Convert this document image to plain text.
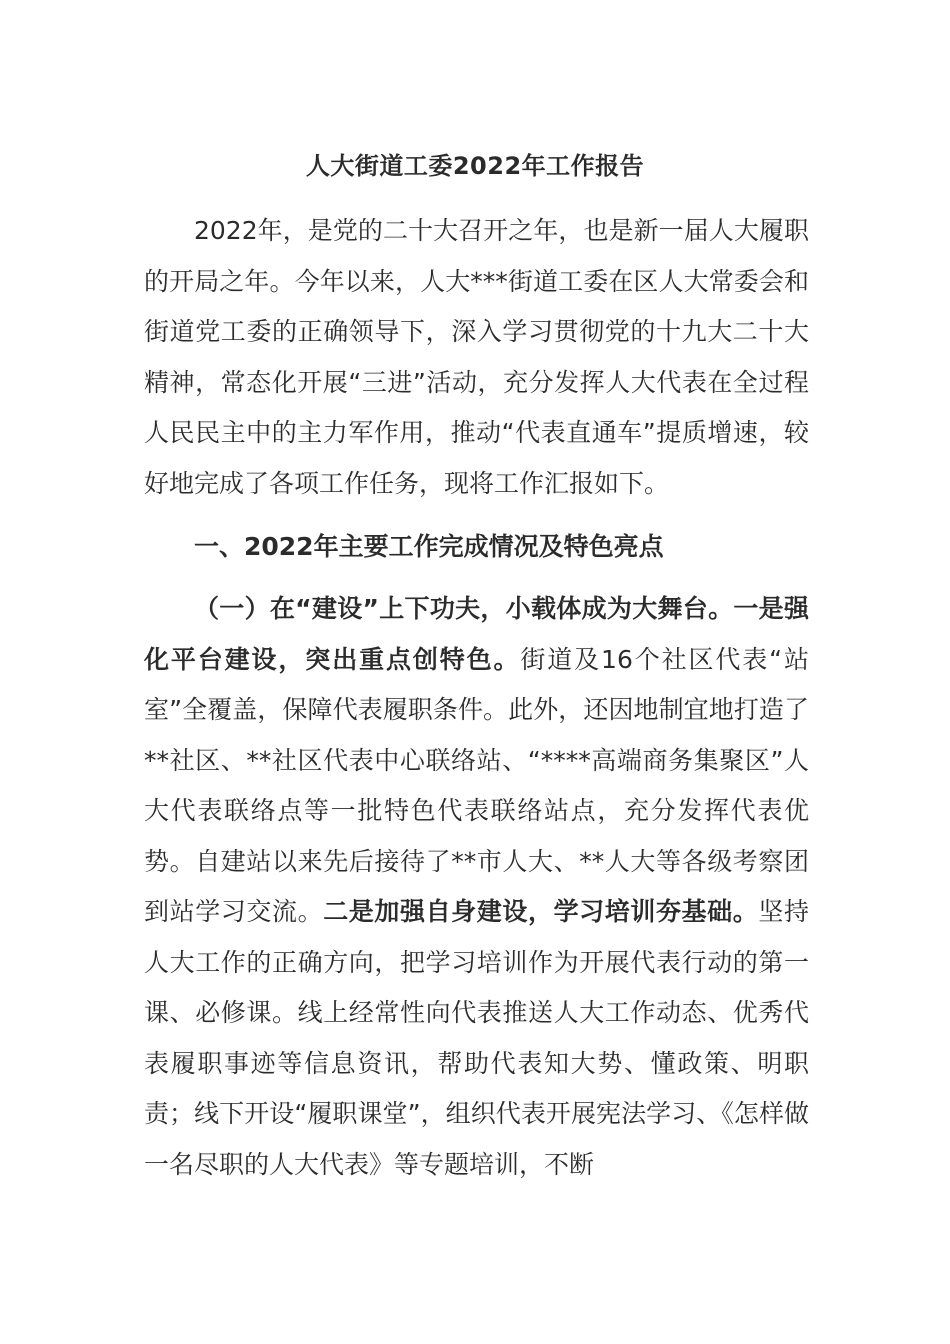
人大街道工委2022年工作报告

2022年，是党的二十大召开之年，也是新一届人大履职的开局之年。今年以来，人大***街道工委在区人大常委会和街道党工委的正确领导下，深入学习贯彻党的十九大二十大精神，常态化开展“三进”活动，充分发挥人大代表在全过程人民民主中的主力军作用，推动“代表直通车”提质增速，较好地完成了各项工作任务，现将工作汇报如下。

一、2022年主要工作完成情况及特色亮点

（一）在“建设”上下功夫，小载体成为大舞台。一是强化平台建设，突出重点创特色。街道及16个社区代表“站室”全覆盖，保障代表履职条件。此外，还因地制宜地打造了**社区、**社区代表中心联络站、“****高端商务集聚区”人大代表联络点等一批特色代表联络站点，充分发挥代表优势。自建站以来先后接待了**市人大、**人大等各级考察团到站学习交流。二是加强自身建设，学习培训夯基础。坚持人大工作的正确方向，把学习培训作为开展代表行动的第一课、必修课。线上经常性向代表推送人大工作动态、优秀代表履职事迹等信息资讯，帮助代表知大势、懂政策、明职责；线下开设“履职课堂”，组织代表开展宪法学习、《怎样做一名尽职的人大代表》等专题培训，不断
